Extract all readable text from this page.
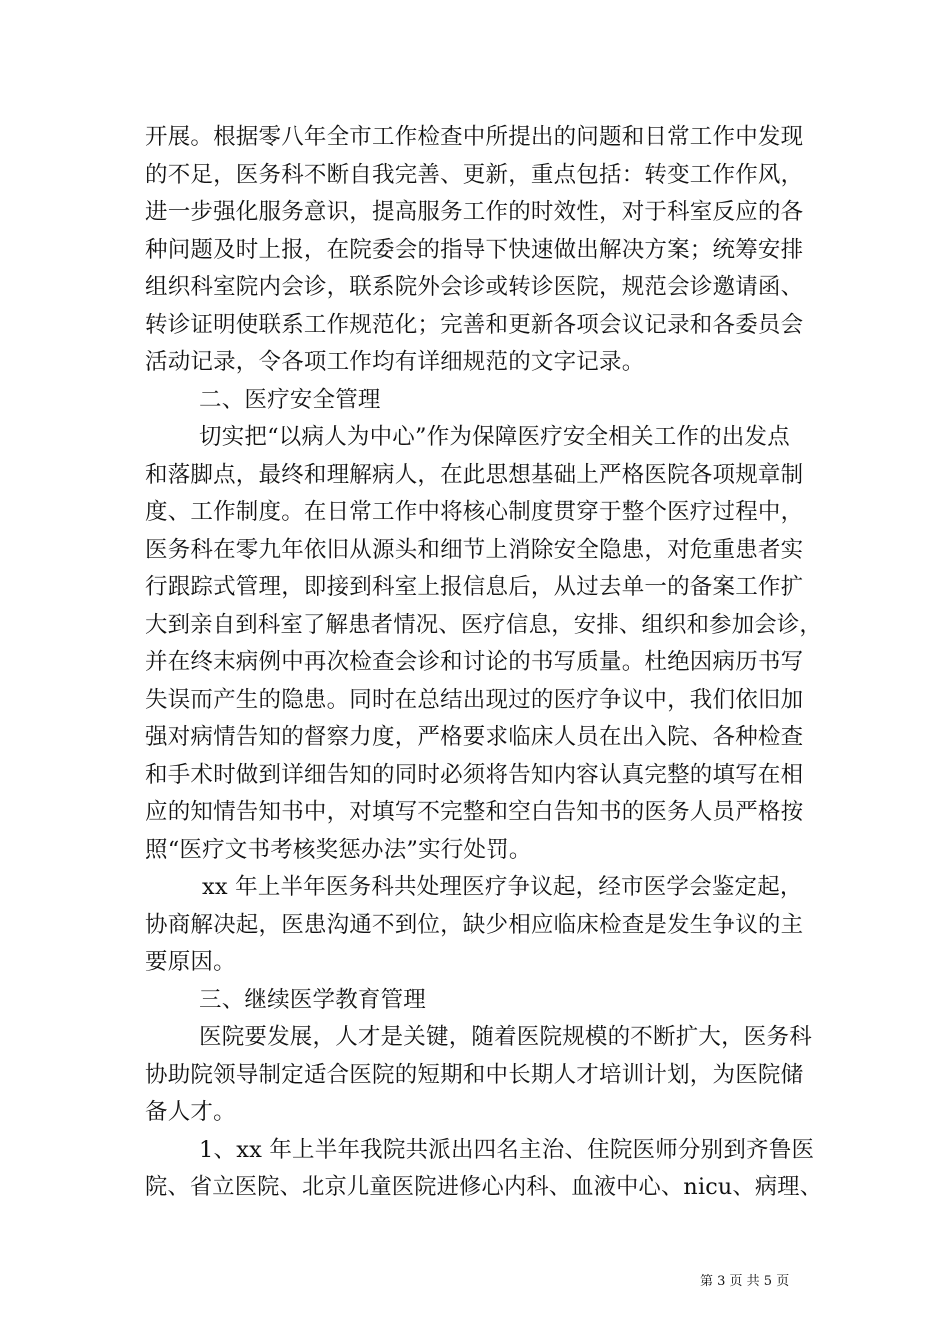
开展。根据零八年全市工作检查中所提出的问题和日常工作中发现
的不足，医务科不断自我完善、更新，重点包括：转变工作作风，
进一步强化服务意识，提高服务工作的时效性，对于科室反应的各
种问题及时上报，在院委会的指导下快速做出解决方案；统筹安排
组织科室院内会诊，联系院外会诊或转诊医院，规范会诊邀请函、
转诊证明使联系工作规范化；完善和更新各项会议记录和各委员会
活动记录，令各项工作均有详细规范的文字记录。
二、医疗安全管理
切实把“以病人为中心”作为保障医疗安全相关工作的出发点
和落脚点，最终和理解病人，在此思想基础上严格医院各项规章制
度、工作制度。在日常工作中将核心制度贯穿于整个医疗过程中，
医务科在零九年依旧从源头和细节上消除安全隐患，对危重患者实
行跟踪式管理，即接到科室上报信息后，从过去单一的备案工作扩
大到亲自到科室了解患者情况、医疗信息，安排、组织和参加会诊，
并在终末病例中再次检查会诊和讨论的书写质量。杜绝因病历书写
失误而产生的隐患。同时在总结出现过的医疗争议中，我们依旧加
强对病情告知的督察力度，严格要求临床人员在出入院、各种检查
和手术时做到详细告知的同时必须将告知内容认真完整的填写在相
应的知情告知书中，对填写不完整和空白告知书的医务人员严格按
照“医疗文书考核奖惩办法”实行处罚。
xx 年上半年医务科共处理医疗争议起，经市医学会鉴定起，
协商解决起，医患沟通不到位，缺少相应临床检查是发生争议的主
要原因。
三、继续医学教育管理
医院要发展，人才是关键，随着医院规模的不断扩大，医务科
协助院领导制定适合医院的短期和中长期人才培训计划，为医院储
备人才。
1、xx 年上半年我院共派出四名主治、住院医师分别到齐鲁医
院、省立医院、北京儿童医院进修心内科、血液中心、nicu、病理、
第 3 页 共 5 页
